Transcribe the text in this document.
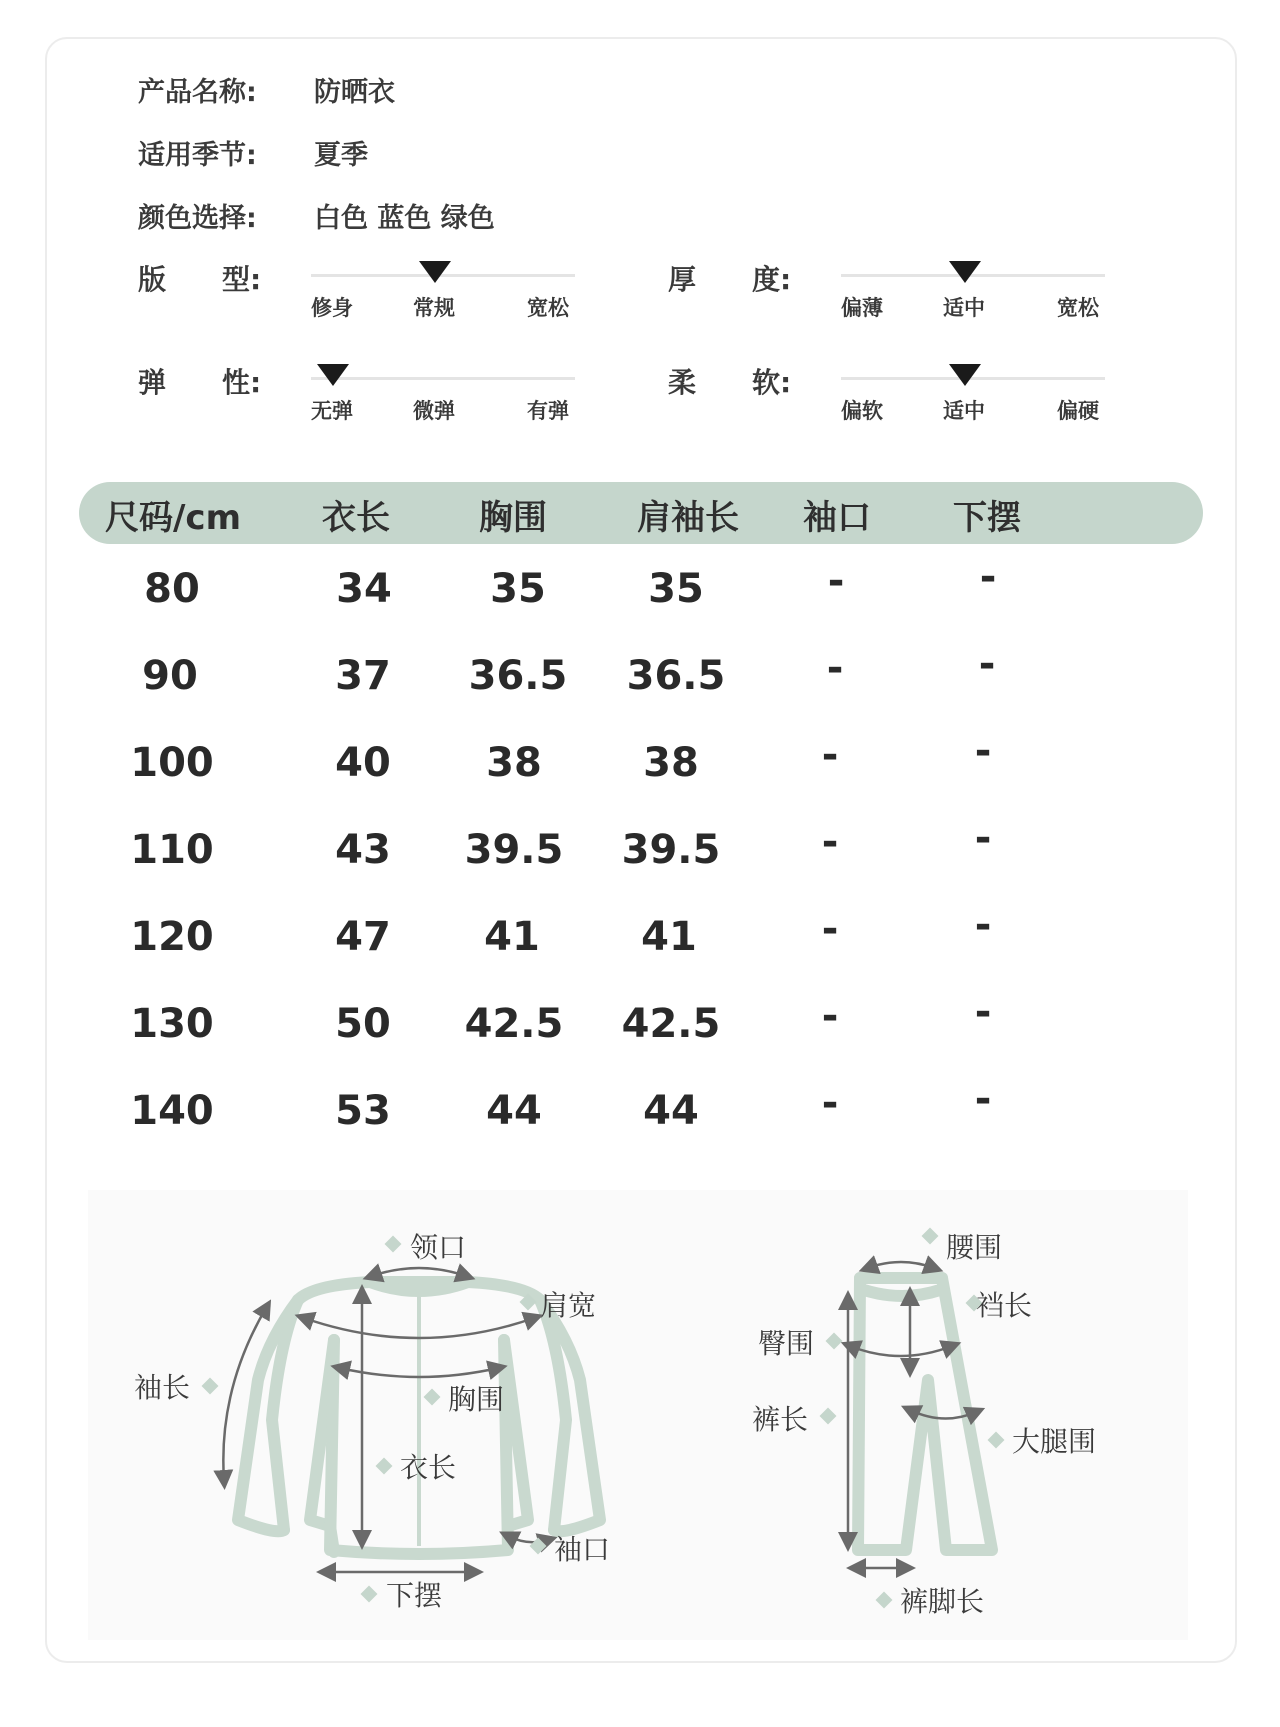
产品名称: 防晒衣
适用季节: 夏季
颜色选择: 白色 蓝色 绿色
版　　型:
修身	常规	宽松
厚　　度:
偏薄	适中	宽松
弹　　性:
无弹	微弹	有弹
柔　　软:
偏软	适中	偏硬
尺码/cm 衣长	胸围	肩袖长 袖口 下摆
80	34	35	35	-	-
90	37	36.5	36.5	-	-
100	40	38	38	-	-
110	43	39.5	39.5	-	-
120	47	41	41	-	-
130	50	42.5	42.5	-	-
140	53	44	44	-	-
领口
肩宽
袖长	胸围
衣长
袖口
下摆
腰围
裆长
臀围
裤长
大腿围
裤脚长
